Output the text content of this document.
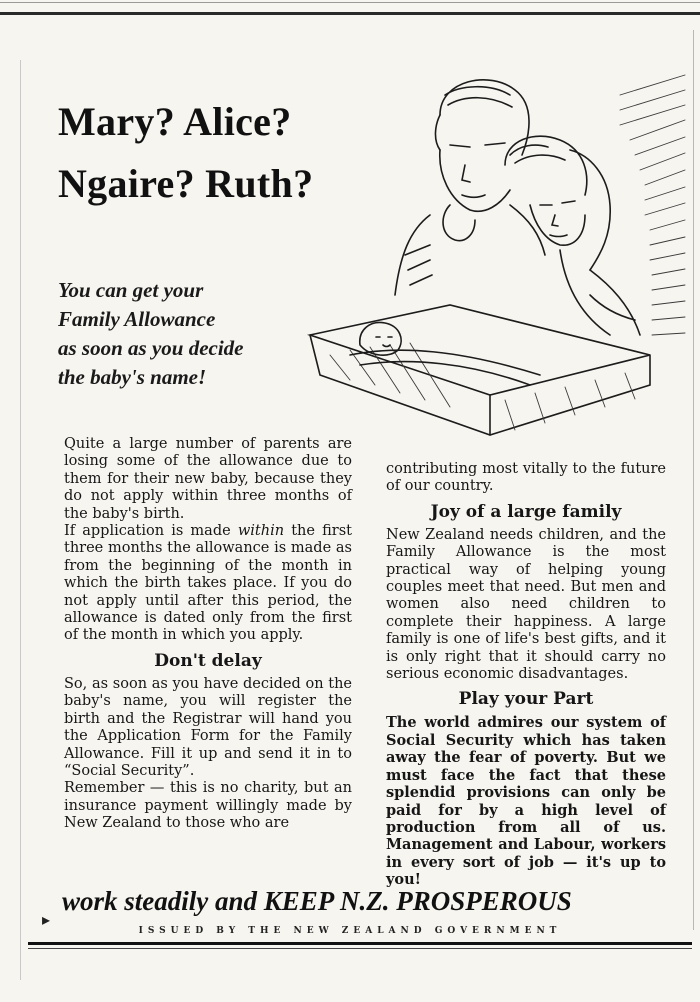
Mary? Alice?
Ngaire? Ruth?
You can get your
Family Allowance
as soon as you decide
the baby's name!

Quite a large number of parents are losing some of the allowance due to them for their new baby, because they do not apply within three months of the baby's birth.

If application is made within the first three months the allowance is made as from the beginning of the month in which the birth takes place. If you do not apply until after this period, the allowance is dated only from the first of the month in which you apply.

Don't delay

So, as soon as you have decided on the baby's name, you will register the birth and the Registrar will hand you the Application Form for the Family Allowance. Fill it up and send it in to “Social Security”.

Remember — this is no charity, but an insurance payment willingly made by New Zealand to those who are

contributing most vitally to the future of our country.

Joy of a large family

New Zealand needs children, and the Family Allowance is the most practical way of helping young couples meet that need. But men and women also need children to complete their happiness. A large family is one of life's best gifts, and it is only right that it should carry no serious economic disadvantages.

Play your Part

The world admires our system of Social Security which has taken away the fear of poverty. But we must face the fact that these splendid provisions can only be paid for by a high level of production from all of us. Management and Labour, workers in every sort of job — it's up to you!

▸
work steadily and KEEP N.Z. PROSPEROUS
ISSUED BY THE NEW ZEALAND GOVERNMENT
